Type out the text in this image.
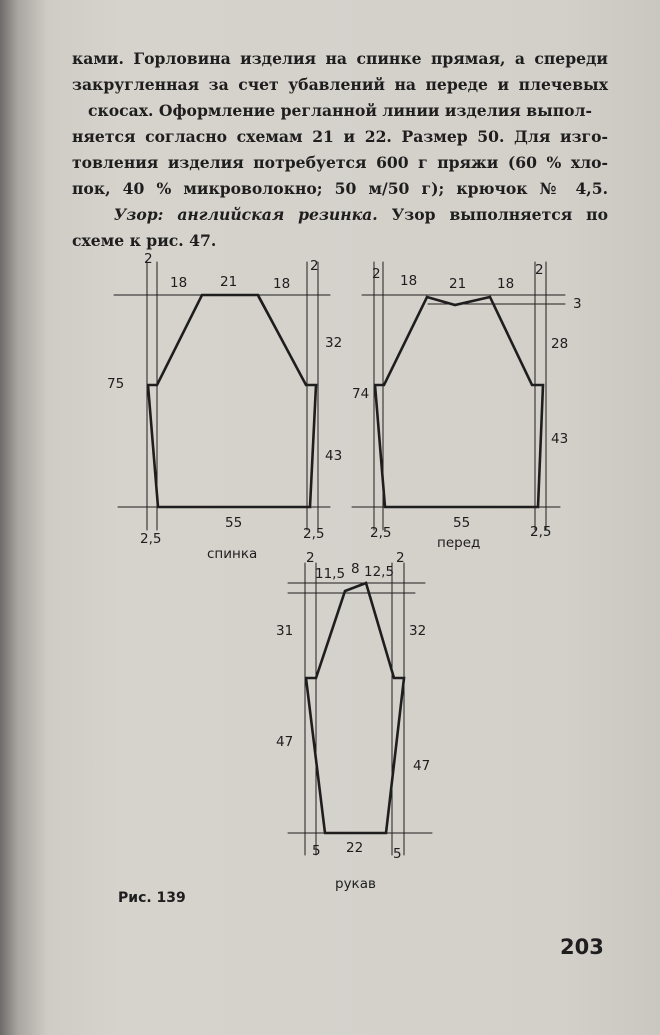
ками. Горловина изделия на спинке прямая, а спереди
закругленная за счет убавлений на переде и плечевых
скосах. Оформление регланной линии изделия выпол-
няется согласно схемам 21 и 22. Размер 50. Для изго-
товления изделия потребуется 600 г пряжи (60 % хло-
пок, 40 % микроволокно; 50 м/50 г); крючок № 4,5.
Узор: английская резинка. Узор выполняется по
схеме к рис. 47.
2
18 21	18
2
75
32
43
2,5
55
2,5
спинка
2 18 21 18
2
3
74
28
43
2,5
55
2,5
перед
2
11,5 8 12,5
2
31	32
47
47
5 22 5
рукав
Рис. 139
203
